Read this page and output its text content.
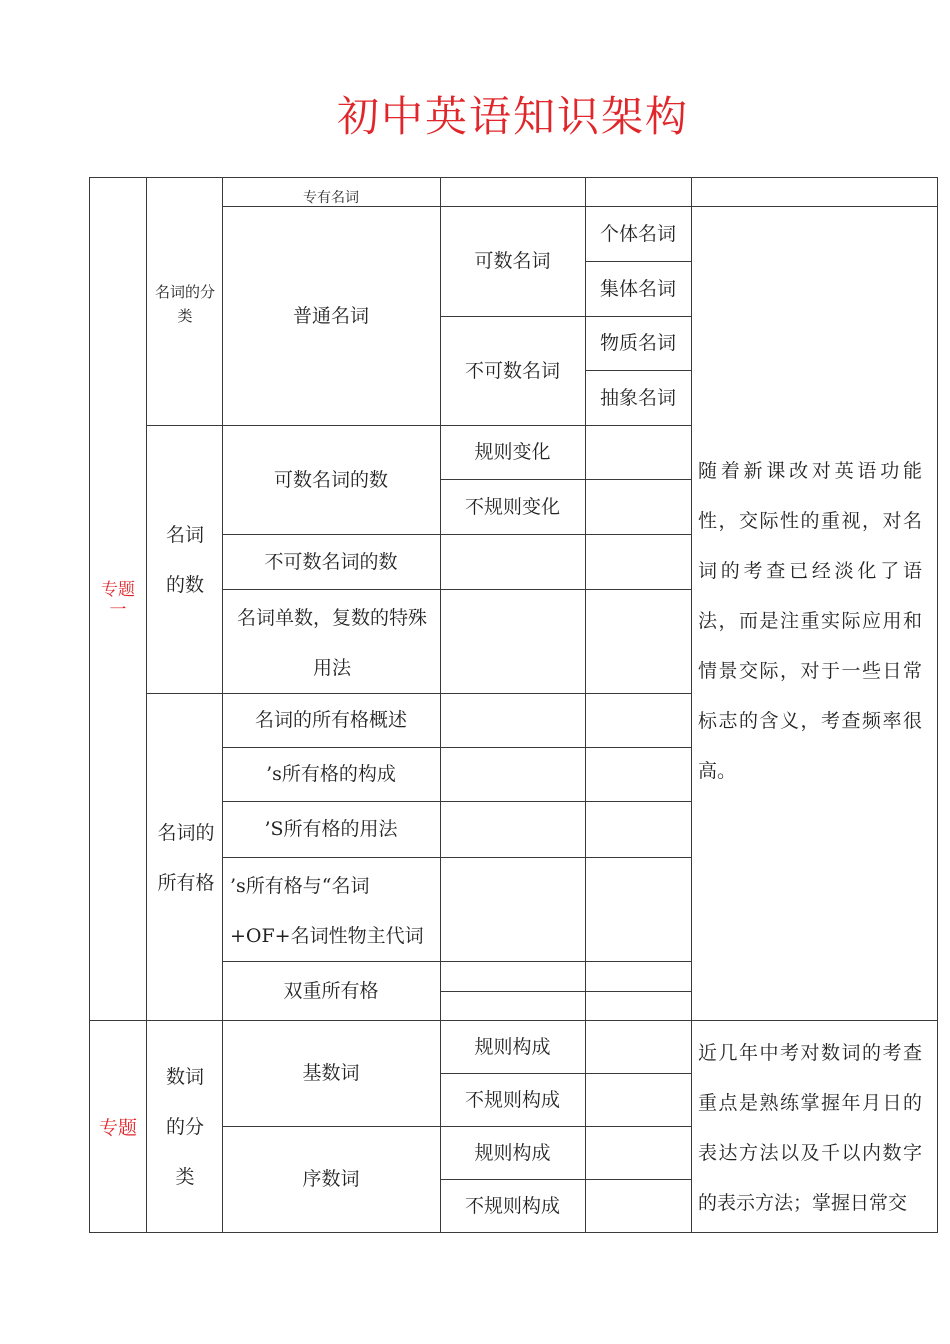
初中英语知识架构
专题一
专题
名词的分类
专有名词
普通名词
可数名词
个体名词
集体名词
不可数名词
物质名词
抽象名词
名词的数
可数名词的数
规则变化
不规则变化
不可数名词的数
名词单数，复数的特殊用法
名词的所有格
名词的所有格概述
’s所有格的构成
’S所有格的用法
’s所有格与“名词+OF+名词性物主代词
双重所有格
随着新课改对英语功能性，交际性的重视，对名词的考查已经淡化了语法，而是注重实际应用和情景交际，对于一些日常标志的含义，考查频率很高。
数词的分类
基数词
规则构成
不规则构成
序数词
规则构成
不规则构成
近几年中考对数词的考查重点是熟练掌握年月日的表达方法以及千以内数字的表示方法；掌握日常交
